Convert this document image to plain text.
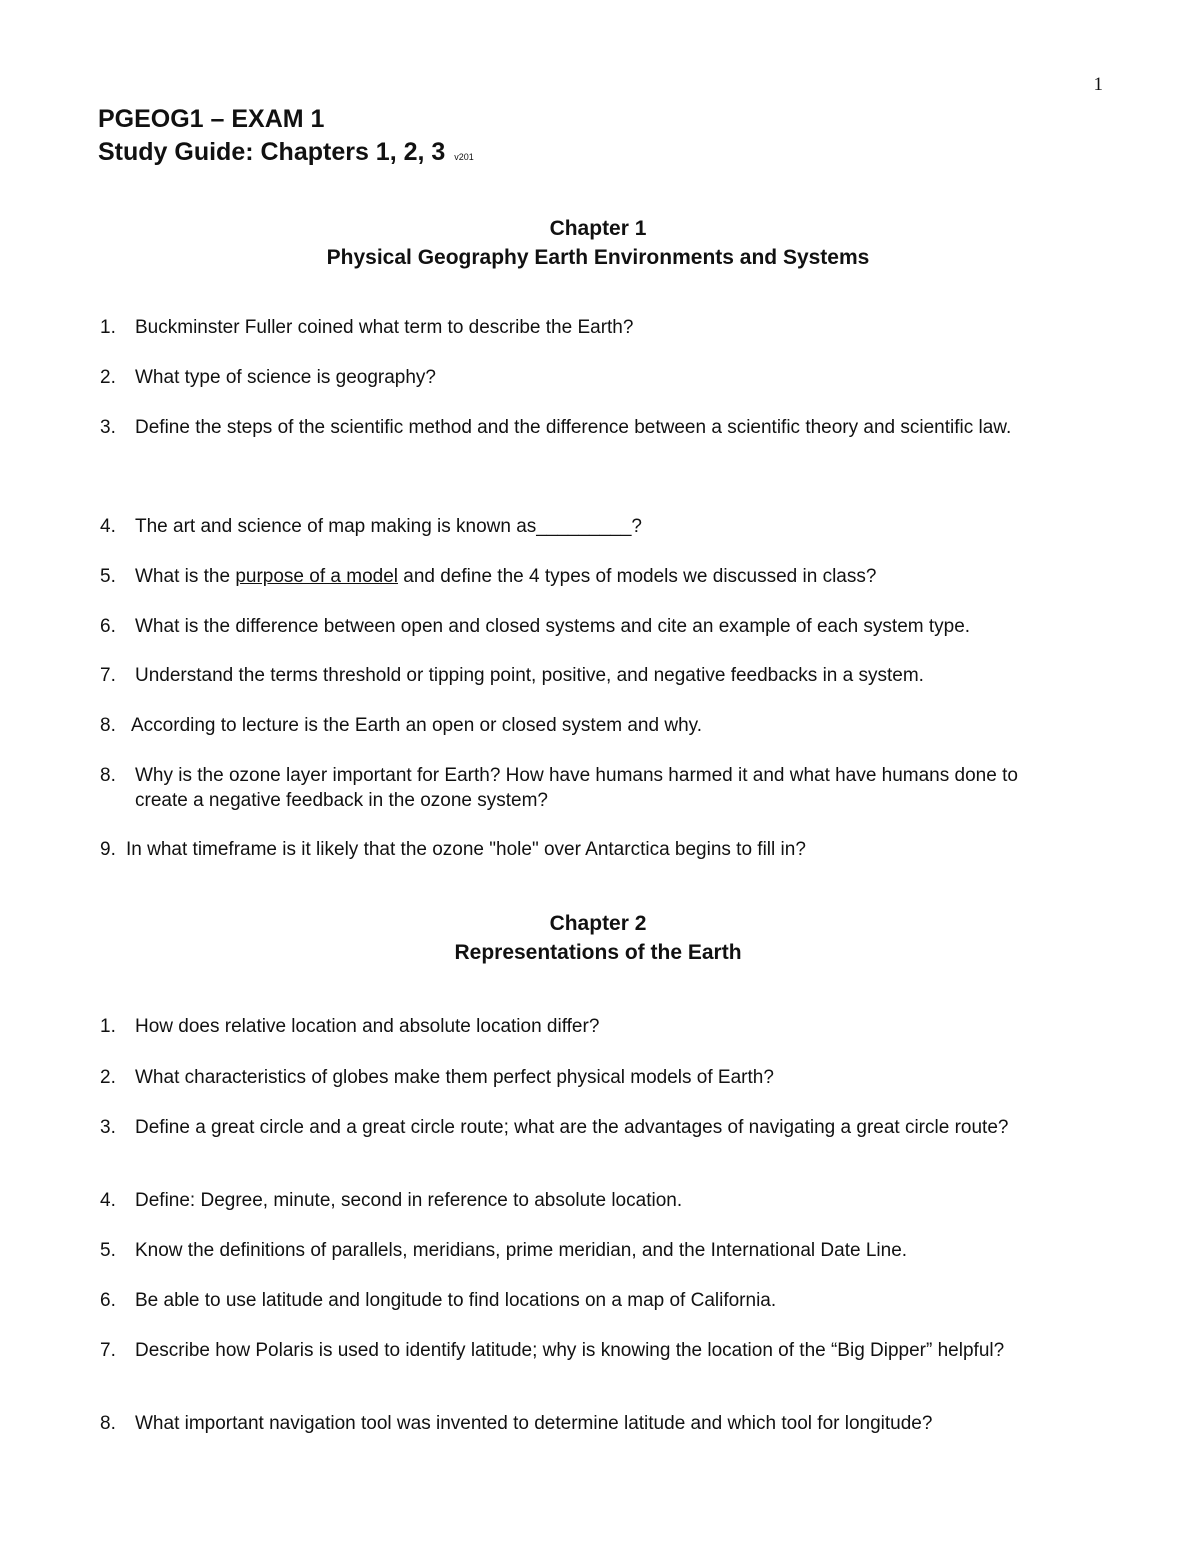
1
PGEOG1 – EXAM 1
Study Guide: Chapters 1, 2, 3 v201
Chapter 1
Physical Geography Earth Environments and Systems
1. Buckminster Fuller coined what term to describe the Earth?
2. What type of science is geography?
3. Define the steps of the scientific method and the difference between a scientific theory and scientific law.
4. The art and science of map making is known as_________?
5. What is the purpose of a model and define the 4 types of models we discussed in class?
6. What is the difference between open and closed systems and cite an example of each system type.
7. Understand the terms threshold or tipping point, positive, and negative feedbacks in a system.
8. According to lecture is the Earth an open or closed system and why.
8. Why is the ozone layer important for Earth? How have humans harmed it and what have humans done to create a negative feedback in the ozone system?
9. In what timeframe is it likely that the ozone "hole" over Antarctica begins to fill in?
Chapter 2
Representations of the Earth
1. How does relative location and absolute location differ?
2. What characteristics of globes make them perfect physical models of Earth?
3. Define a great circle and a great circle route; what are the advantages of navigating a great circle route?
4. Define: Degree, minute, second in reference to absolute location.
5. Know the definitions of parallels, meridians, prime meridian, and the International Date Line.
6. Be able to use latitude and longitude to find locations on a map of California.
7. Describe how Polaris is used to identify latitude; why is knowing the location of the “Big Dipper” helpful?
8. What important navigation tool was invented to determine latitude and which tool for longitude?
